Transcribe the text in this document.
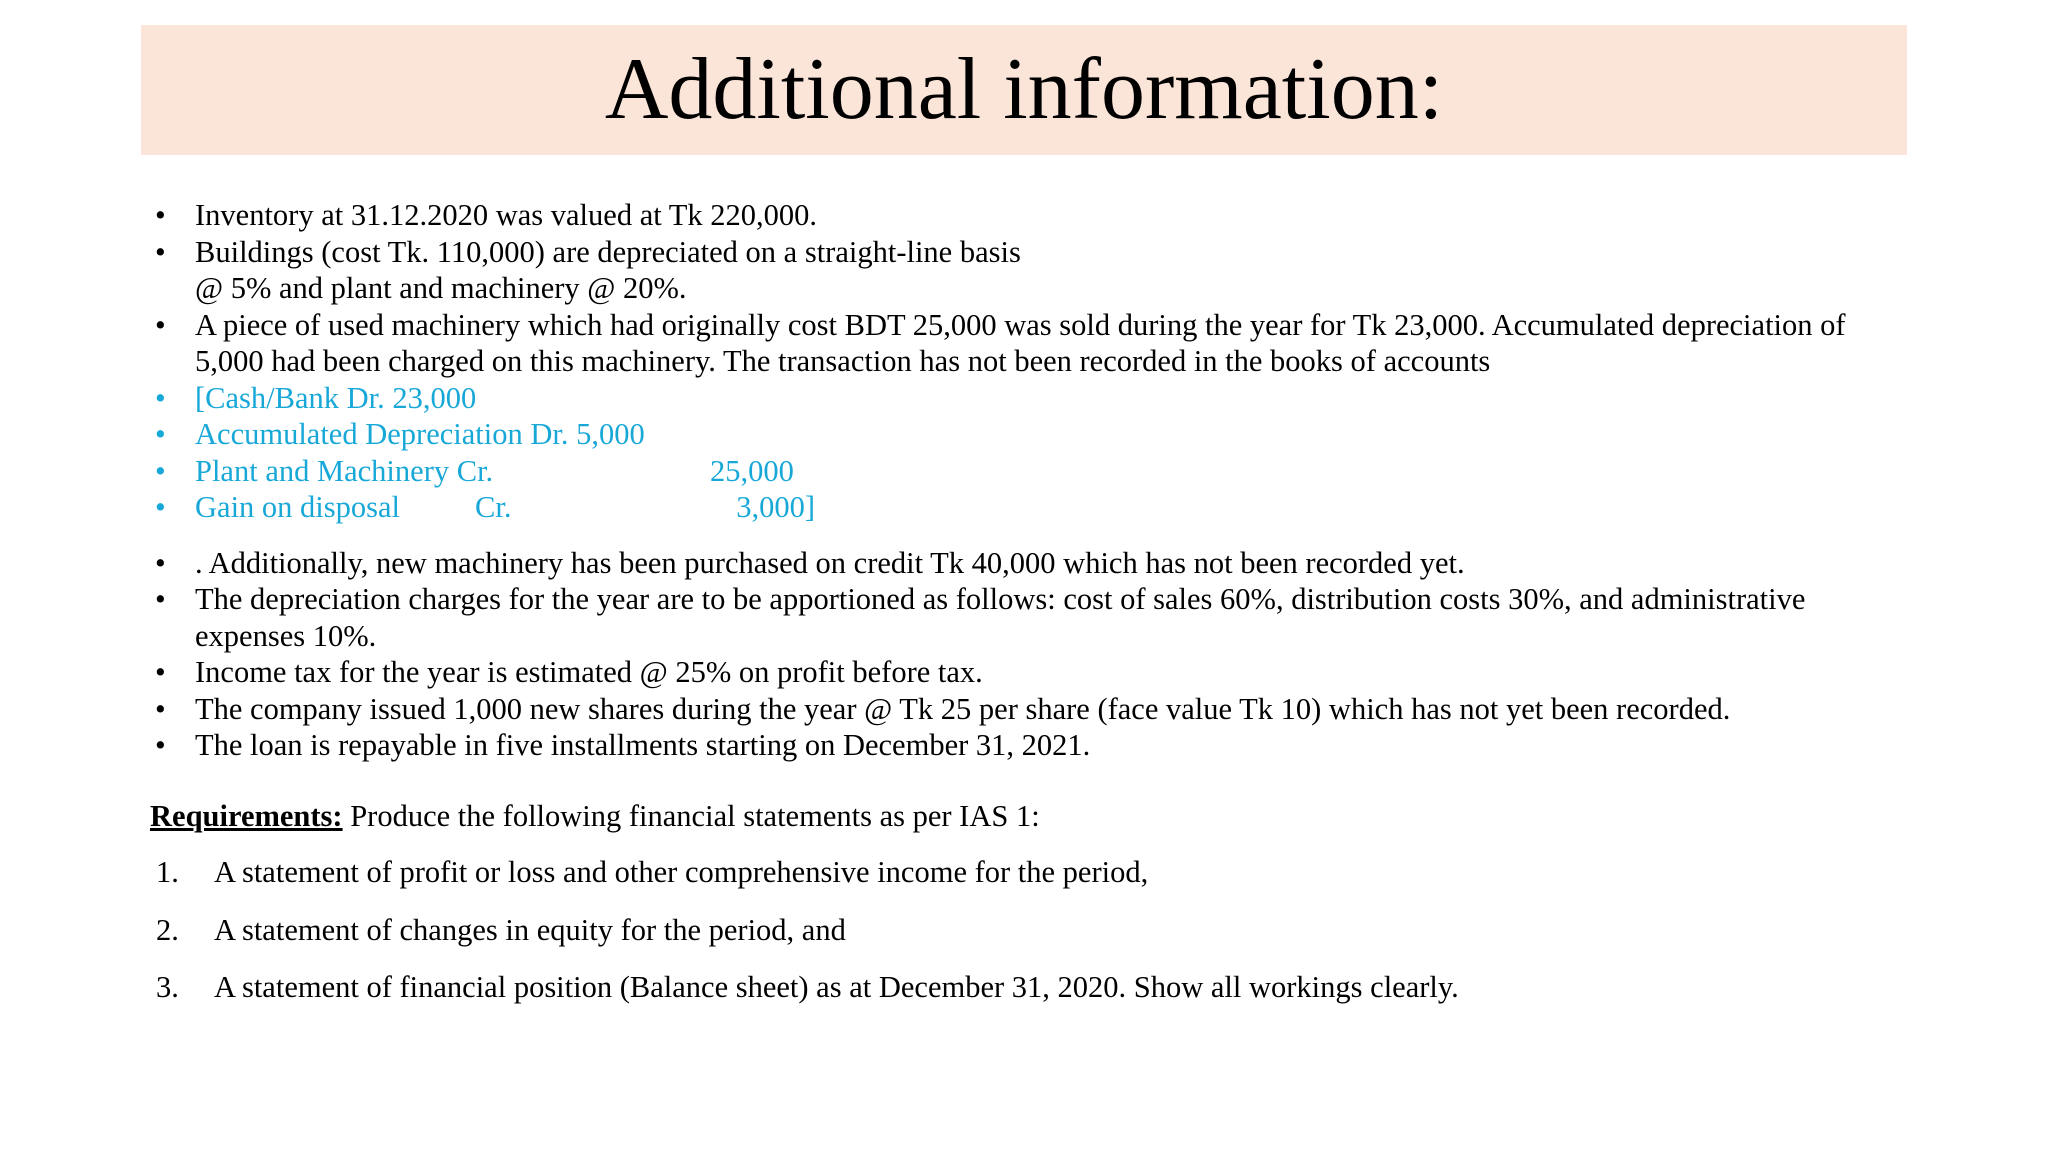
Additional information:
• Inventory at 31.12.2020 was valued at Tk 220,000.
• Buildings (cost Tk. 110,000) are depreciated on a straight-line basis
@ 5% and plant and machinery @ 20%.
• A piece of used machinery which had originally cost BDT 25,000 was sold during the year for Tk 23,000. Accumulated depreciation of 5,000 had been charged on this machinery. The transaction has not been recorded in the books of accounts
• [Cash/Bank Dr. 23,000
• Accumulated Depreciation Dr. 5,000
• Plant and Machinery Cr.	25,000
• Gain on disposal	Cr.	3,000]
• . Additionally, new machinery has been purchased on credit Tk 40,000 which has not been recorded yet.
• The depreciation charges for the year are to be apportioned as follows: cost of sales 60%, distribution costs 30%, and administrative expenses 10%.
• Income tax for the year is estimated @ 25% on profit before tax.
• The company issued 1,000 new shares during the year @ Tk 25 per share (face value Tk 10) which has not yet been recorded.
• The loan is repayable in five installments starting on December 31, 2021.
Requirements: Produce the following financial statements as per IAS 1:
1. A statement of profit or loss and other comprehensive income for the period,
2. A statement of changes in equity for the period, and
3. A statement of financial position (Balance sheet) as at December 31, 2020. Show all workings clearly.
